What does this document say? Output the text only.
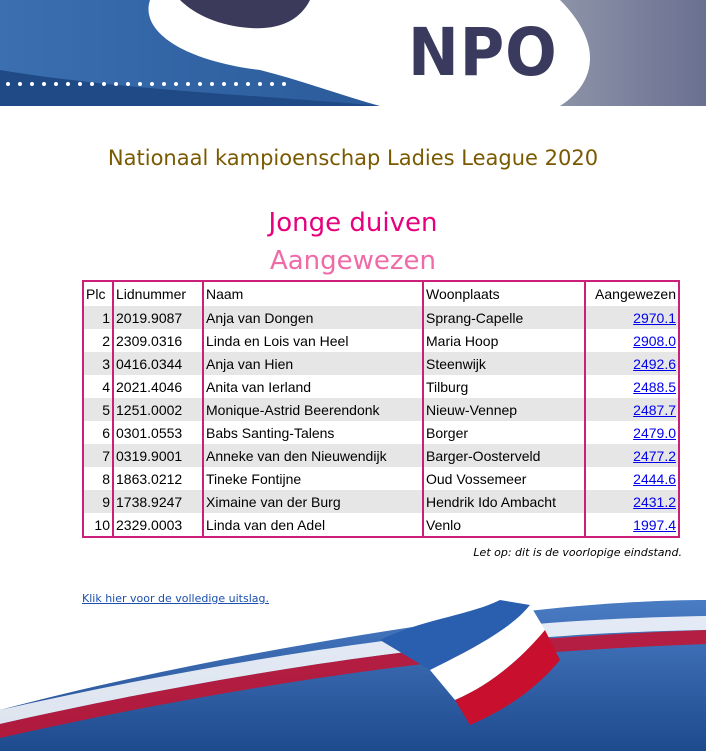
NPO
Nationaal kampioenschap Ladies League 2020
Jonge duiven
Aangewezen
Plc	Lidnummer	Naam	Woonplaats	Aangewezen
1	2019.9087	Anja van Dongen	Sprang-Capelle	2970.1
2	2309.0316	Linda en Lois van Heel	Maria Hoop	2908.0
3	0416.0344	Anja van Hien	Steenwijk	2492.6
4	2021.4046	Anita van Ierland	Tilburg	2488.5
5	1251.0002	Monique-Astrid Beerendonk	Nieuw-Vennep	2487.7
6	0301.0553	Babs Santing-Talens	Borger	2479.0
7	0319.9001	Anneke van den Nieuwendijk	Barger-Oosterveld	2477.2
8	1863.0212	Tineke Fontijne	Oud Vossemeer	2444.6
9	1738.9247	Ximaine van der Burg	Hendrik Ido Ambacht	2431.2
10	2329.0003	Linda van den Adel	Venlo	1997.4
Let op: dit is de voorlopige eindstand.
Klik hier voor de volledige uitslag.
